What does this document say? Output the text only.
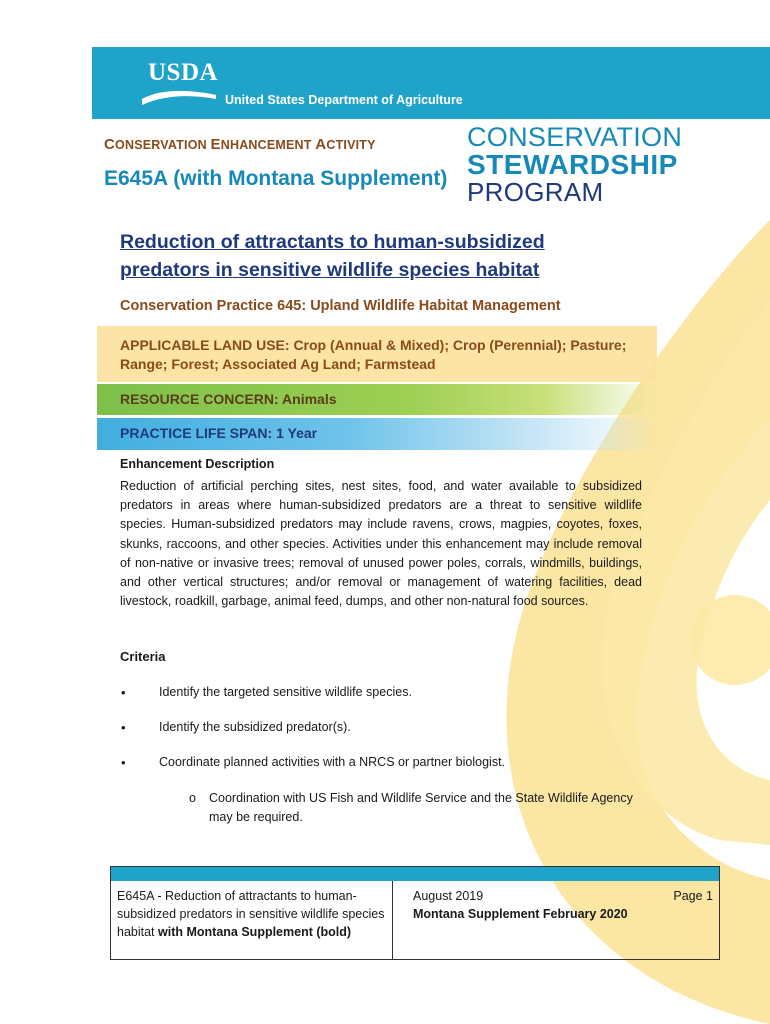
USDA
United States Department of Agriculture
CONSERVATION ENHANCEMENT ACTIVITY
E645A (with Montana Supplement)
CONSERVATION
STEWARDSHIP
PROGRAM
Reduction of attractants to human-subsidized
predators in sensitive wildlife species habitat
Conservation Practice 645: Upland Wildlife Habitat Management
APPLICABLE LAND USE: Crop (Annual & Mixed); Crop (Perennial); Pasture; Range; Forest; Associated Ag Land; Farmstead
RESOURCE CONCERN: Animals
PRACTICE LIFE SPAN: 1 Year
Enhancement Description
Reduction of artificial perching sites, nest sites, food, and water available to subsidized predators in areas where human-subsidized predators are a threat to sensitive wildlife species. Human-subsidized predators may include ravens, crows, magpies, coyotes, foxes, skunks, raccoons, and other species. Activities under this enhancement may include removal of non-native or invasive trees; removal of unused power poles, corrals, windmills, buildings, and other vertical structures; and/or removal or management of watering facilities, dead livestock, roadkill, garbage, animal feed, dumps, and other non-natural food sources.
Criteria
•	Identify the targeted sensitive wildlife species.
•	Identify the subsidized predator(s).
•	Coordinate planned activities with a NRCS or partner biologist.
o Coordination with US Fish and Wildlife Service and the State Wildlife Agency may be required.
E645A - Reduction of attractants to human-subsidized predators in sensitive wildlife species habitat with Montana Supplement (bold)
August 2019
Montana Supplement February 2020
Page 1
